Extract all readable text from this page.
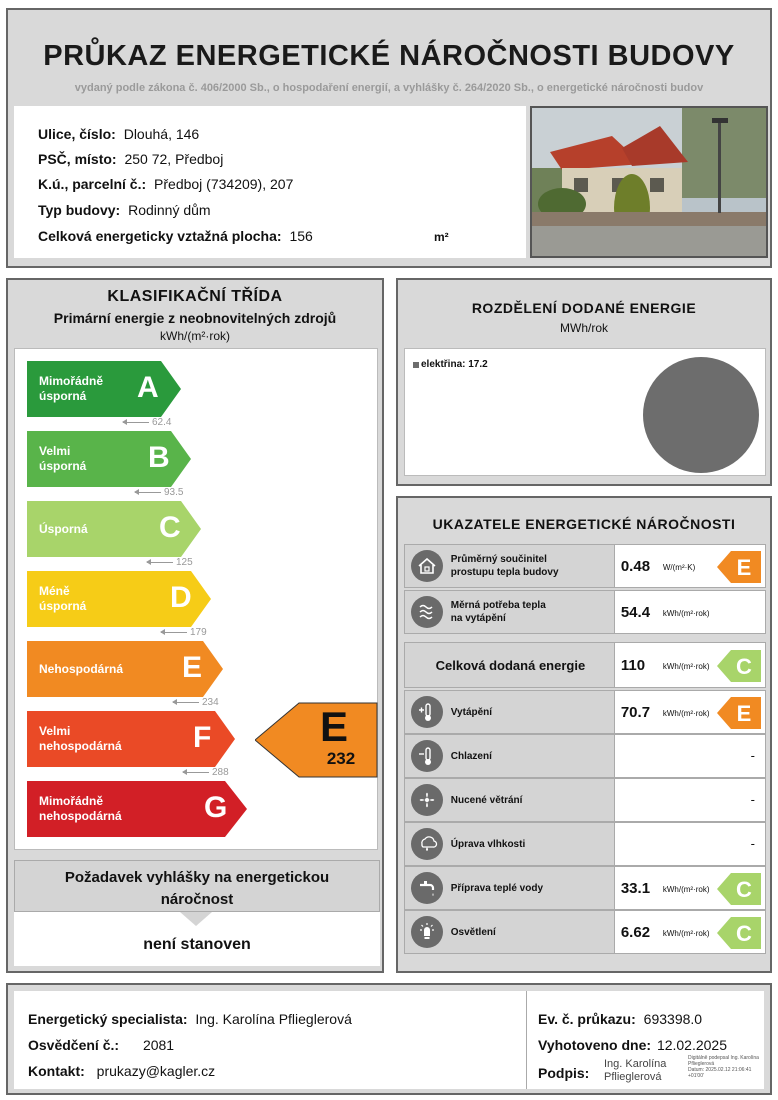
PRŮKAZ ENERGETICKÉ NÁROČNOSTI BUDOVY
vydaný podle zákona č. 406/2000 Sb., o hospodaření energií, a vyhlášky č. 264/2020 Sb., o energetické náročnosti budov
Ulice, číslo: Dlouhá, 146
PSČ, místo: 250 72, Předboj
K.ú., parcelní č.: Předboj (734209), 207
Typ budovy: Rodinný dům
Celková energeticky vztažná plocha: 156	m²
KLASIFIKAČNÍ TŘÍDA
Primární energie z neobnovitelných zdrojů
kWh/(m²·rok)
Mimořádně
úsporná	A
62.4
Velmi
úsporná B
93.5
Úsporná C
125
Méně úsporná	D
179
Nehospodárná E
234
Velmi
nehospodárná F
288
Mimořádně
nehospodárná	G
E
232
Požadavek vyhlášky na energetickou
náročnost
není stanoven
ROZDĚLENÍ DODANÉ ENERGIE
MWh/rok
elektřina: 17.2
UKAZATELE ENERGETICKÉ NÁROČNOSTI
Průměrný součinitel
prostupu tepla budovy	0.48 W/(m²·K) E
Měrná potřeba tepla
na vytápění	54.4 kWh/(m²·rok)
Celková dodaná energie 110 kWh/(m²·rok) C
Vytápění	70.7 kWh/(m²·rok) E
Chlazení	-
Nucené větrání	-
Úprava vlhkosti	-
Příprava teplé vody	33.1 kWh/(m²·rok) C
Osvětlení	6.62 kWh/(m²·rok) C
Energetický specialista: Ing. Karolína Pflieglerová
Osvědčení č.: 2081
Kontakt: prukazy@kagler.cz
Ev. č. průkazu: 693398.0
Vyhotoveno dne: 12.02.2025
Podpis:
Ing. Karolína
Pflieglerová
Digitálně podepsal Ing. Karolína
Pflieglerová
Datum: 2025.02.12 21:06:41
+01'00'
